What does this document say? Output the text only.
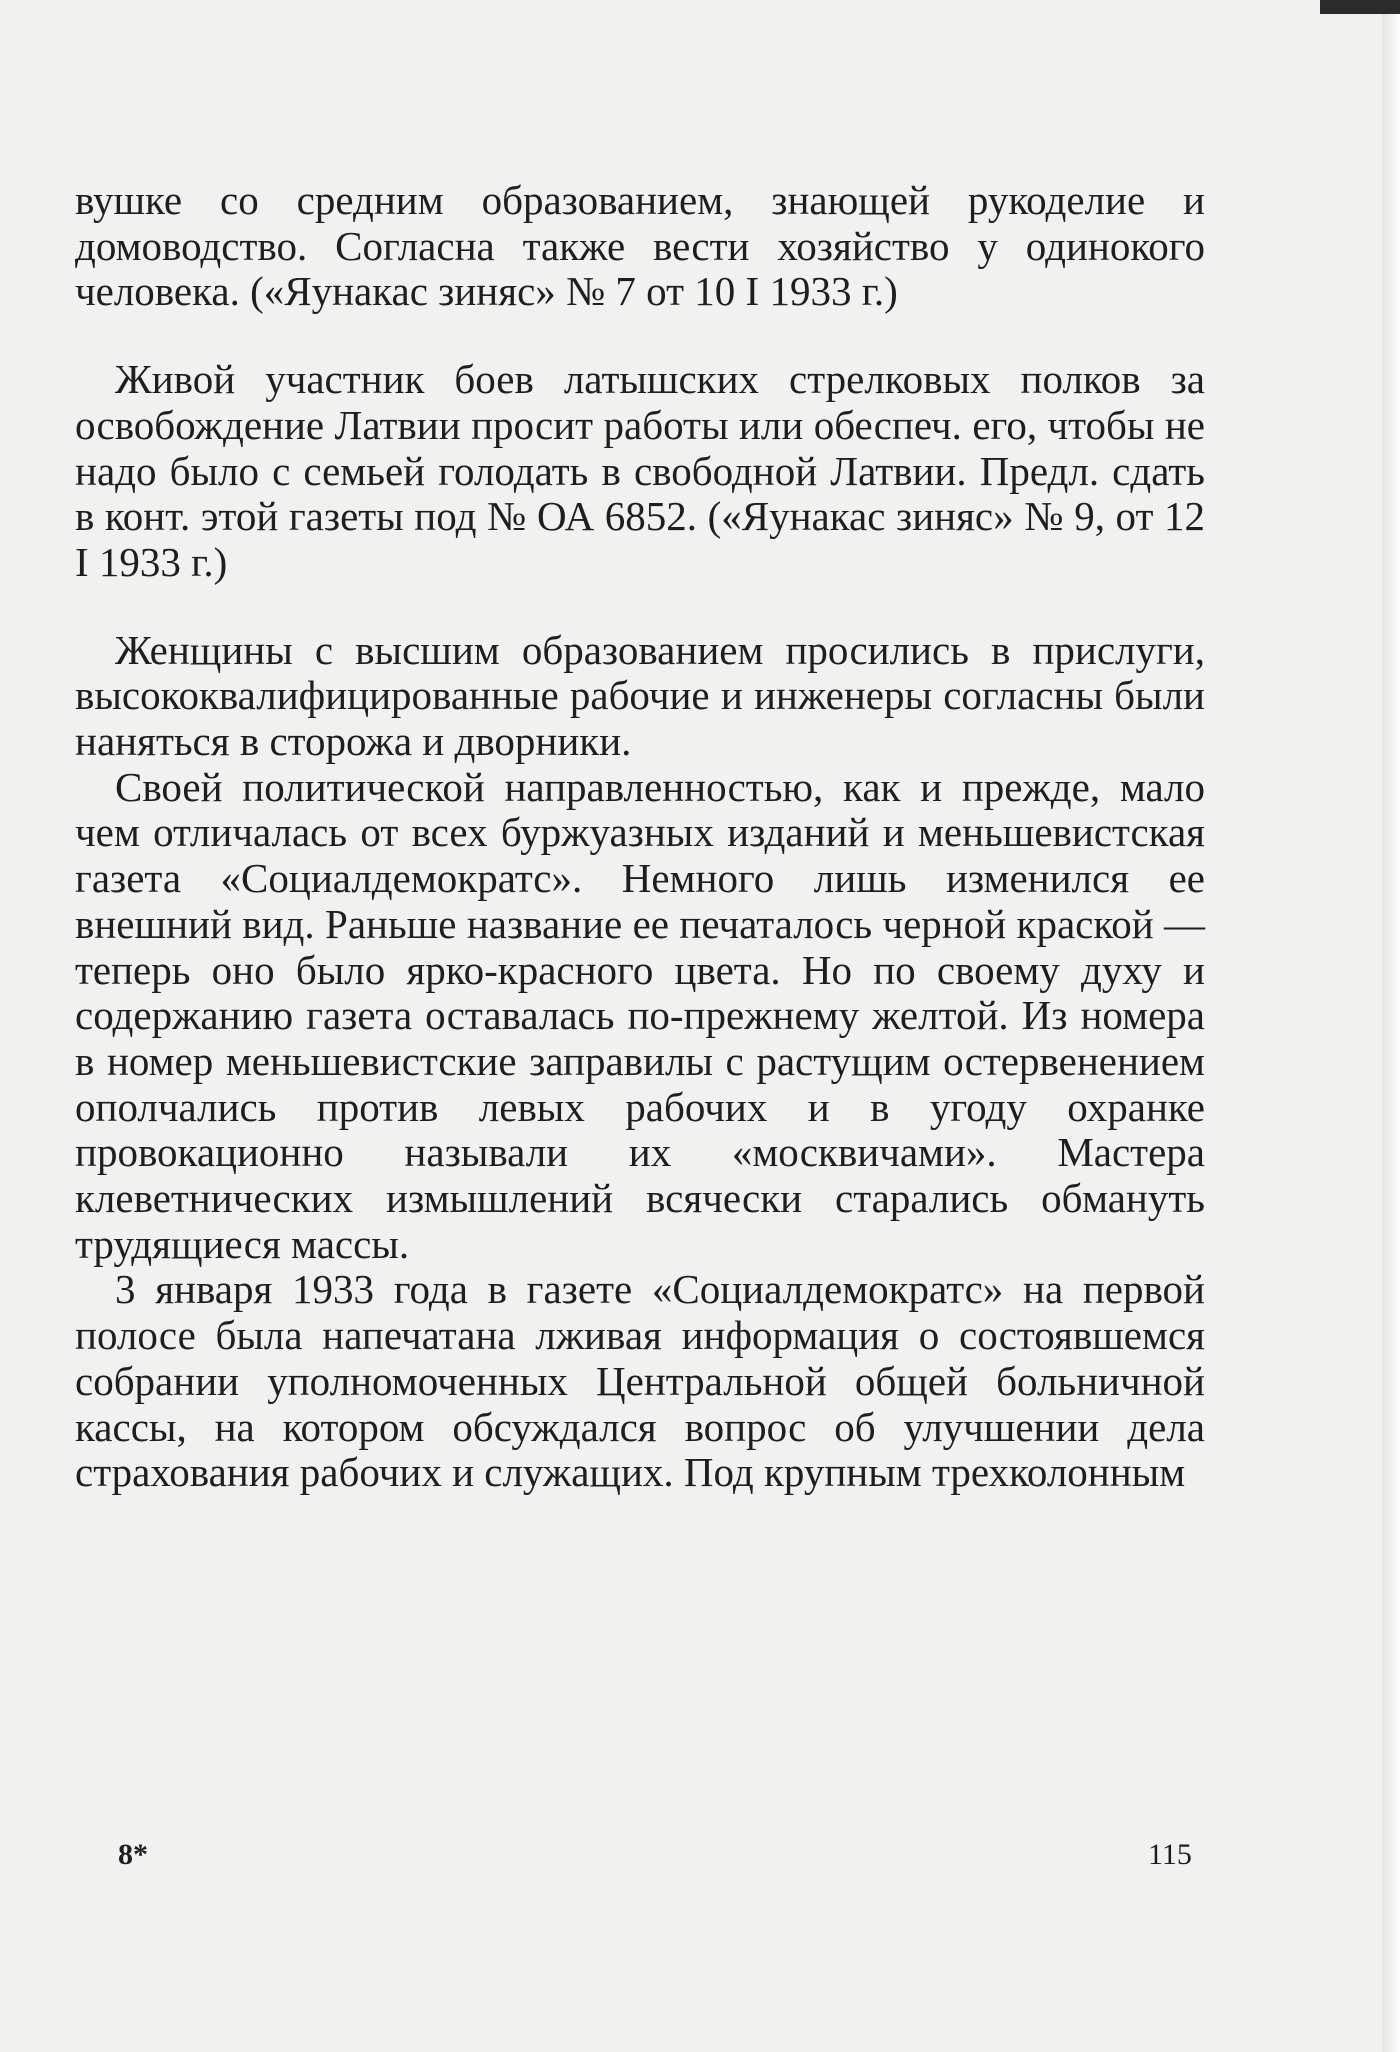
вушке со средним образованием, знающей рукоделие и домоводство. Согласна также вести хозяйство у одинокого человека. («Яунакас зиняс» № 7 от 10 I 1933 г.)

Живой участник боев латышских стрелковых полков за освобождение Латвии просит работы или обеспеч. его, чтобы не надо было с семьей голодать в свободной Латвии. Предл. сдать в конт. этой газеты под № ОА 6852. («Яунакас зиняс» № 9, от 12 I 1933 г.)

Женщины с высшим образованием просились в прислуги, высококвалифицированные рабочие и инженеры согласны были наняться в сторожа и дворники.

Своей политической направленностью, как и прежде, мало чем отличалась от всех буржуазных изданий и меньшевистская газета «Социалдемократс». Немного лишь изменился ее внешний вид. Раньше название ее печаталось черной краской — теперь оно было ярко-красного цвета. Но по своему духу и содержанию газета оставалась по-прежнему желтой. Из номера в номер меньшевистские заправилы с растущим остервенением ополчались против левых рабочих и в угоду охранке провокационно называли их «москвичами». Мастера клеветнических измышлений всячески старались обмануть трудящиеся массы.

3 января 1933 года в газете «Социалдемократс» на первой полосе была напечатана лживая информация о состоявшемся собрании уполномоченных Центральной общей больничной кассы, на котором обсуждался вопрос об улучшении дела страхования рабочих и служащих. Под крупным трехколонным

8*	115
